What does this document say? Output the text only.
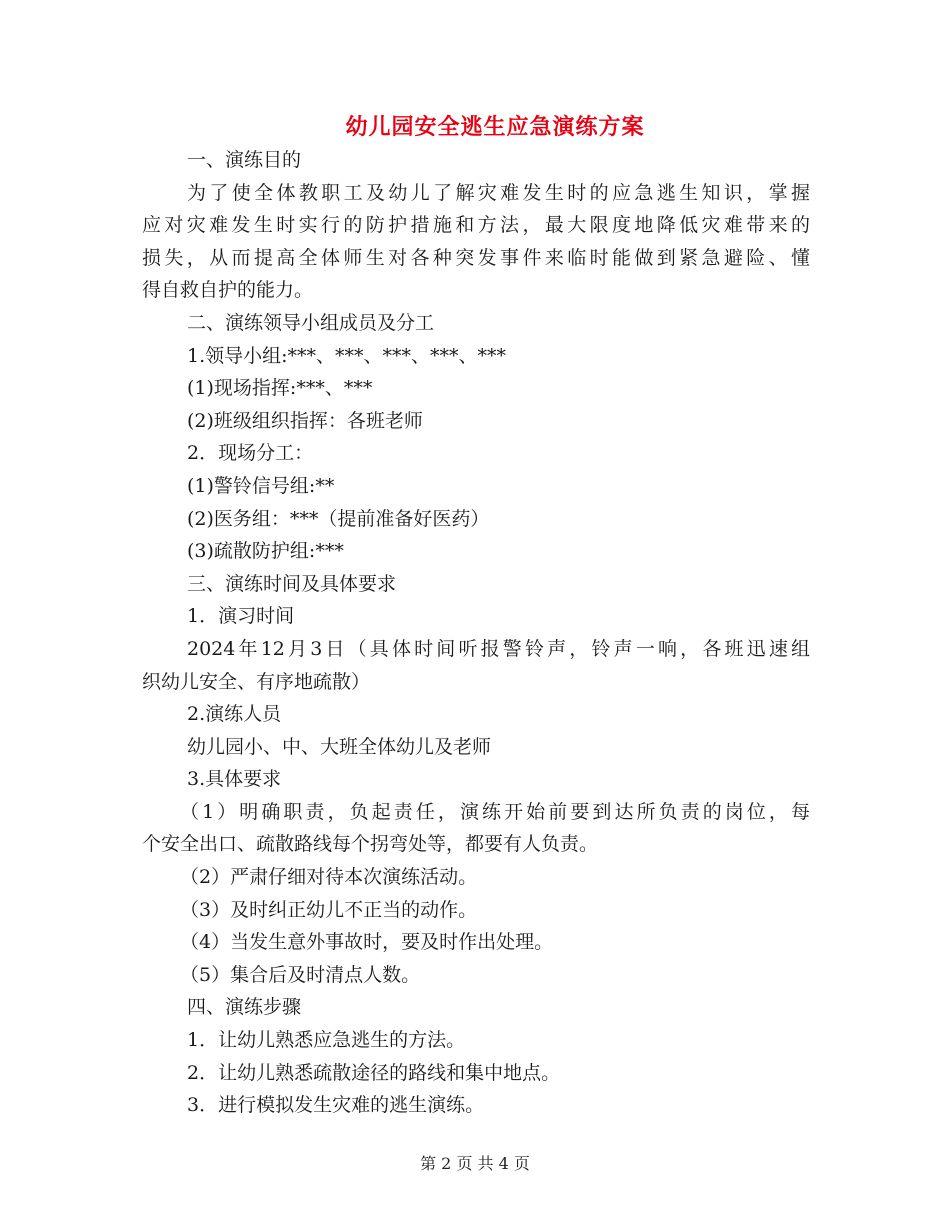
幼儿园安全逃生应急演练方案
一、演练目的
为了使全体教职工及幼儿了解灾难发生时的应急逃生知识，掌握
应对灾难发生时实行的防护措施和方法，最大限度地降低灾难带来的
损失，从而提高全体师生对各种突发事件来临时能做到紧急避险、懂
得自救自护的能力。
二、演练领导小组成员及分工
1.领导小组:***、***、***、***、***
(1)现场指挥:***、***
(2)班级组织指挥：各班老师
2．现场分工：
(1)警铃信号组:**
(2)医务组：***（提前准备好医药）
(3)疏散防护组:***
三、演练时间及具体要求
1．演习时间
2024年12月3日（具体时间听报警铃声，铃声一响，各班迅速组
织幼儿安全、有序地疏散）
2.演练人员
幼儿园小、中、大班全体幼儿及老师
3.具体要求
（1）明确职责，负起责任，演练开始前要到达所负责的岗位，每
个安全出口、疏散路线每个拐弯处等，都要有人负责。
（2）严肃仔细对待本次演练活动。
（3）及时纠正幼儿不正当的动作。
（4）当发生意外事故时，要及时作出处理。
（5）集合后及时清点人数。
四、演练步骤
1．让幼儿熟悉应急逃生的方法。
2．让幼儿熟悉疏散途径的路线和集中地点。
3．进行模拟发生灾难的逃生演练。
第 2 页 共 4 页
